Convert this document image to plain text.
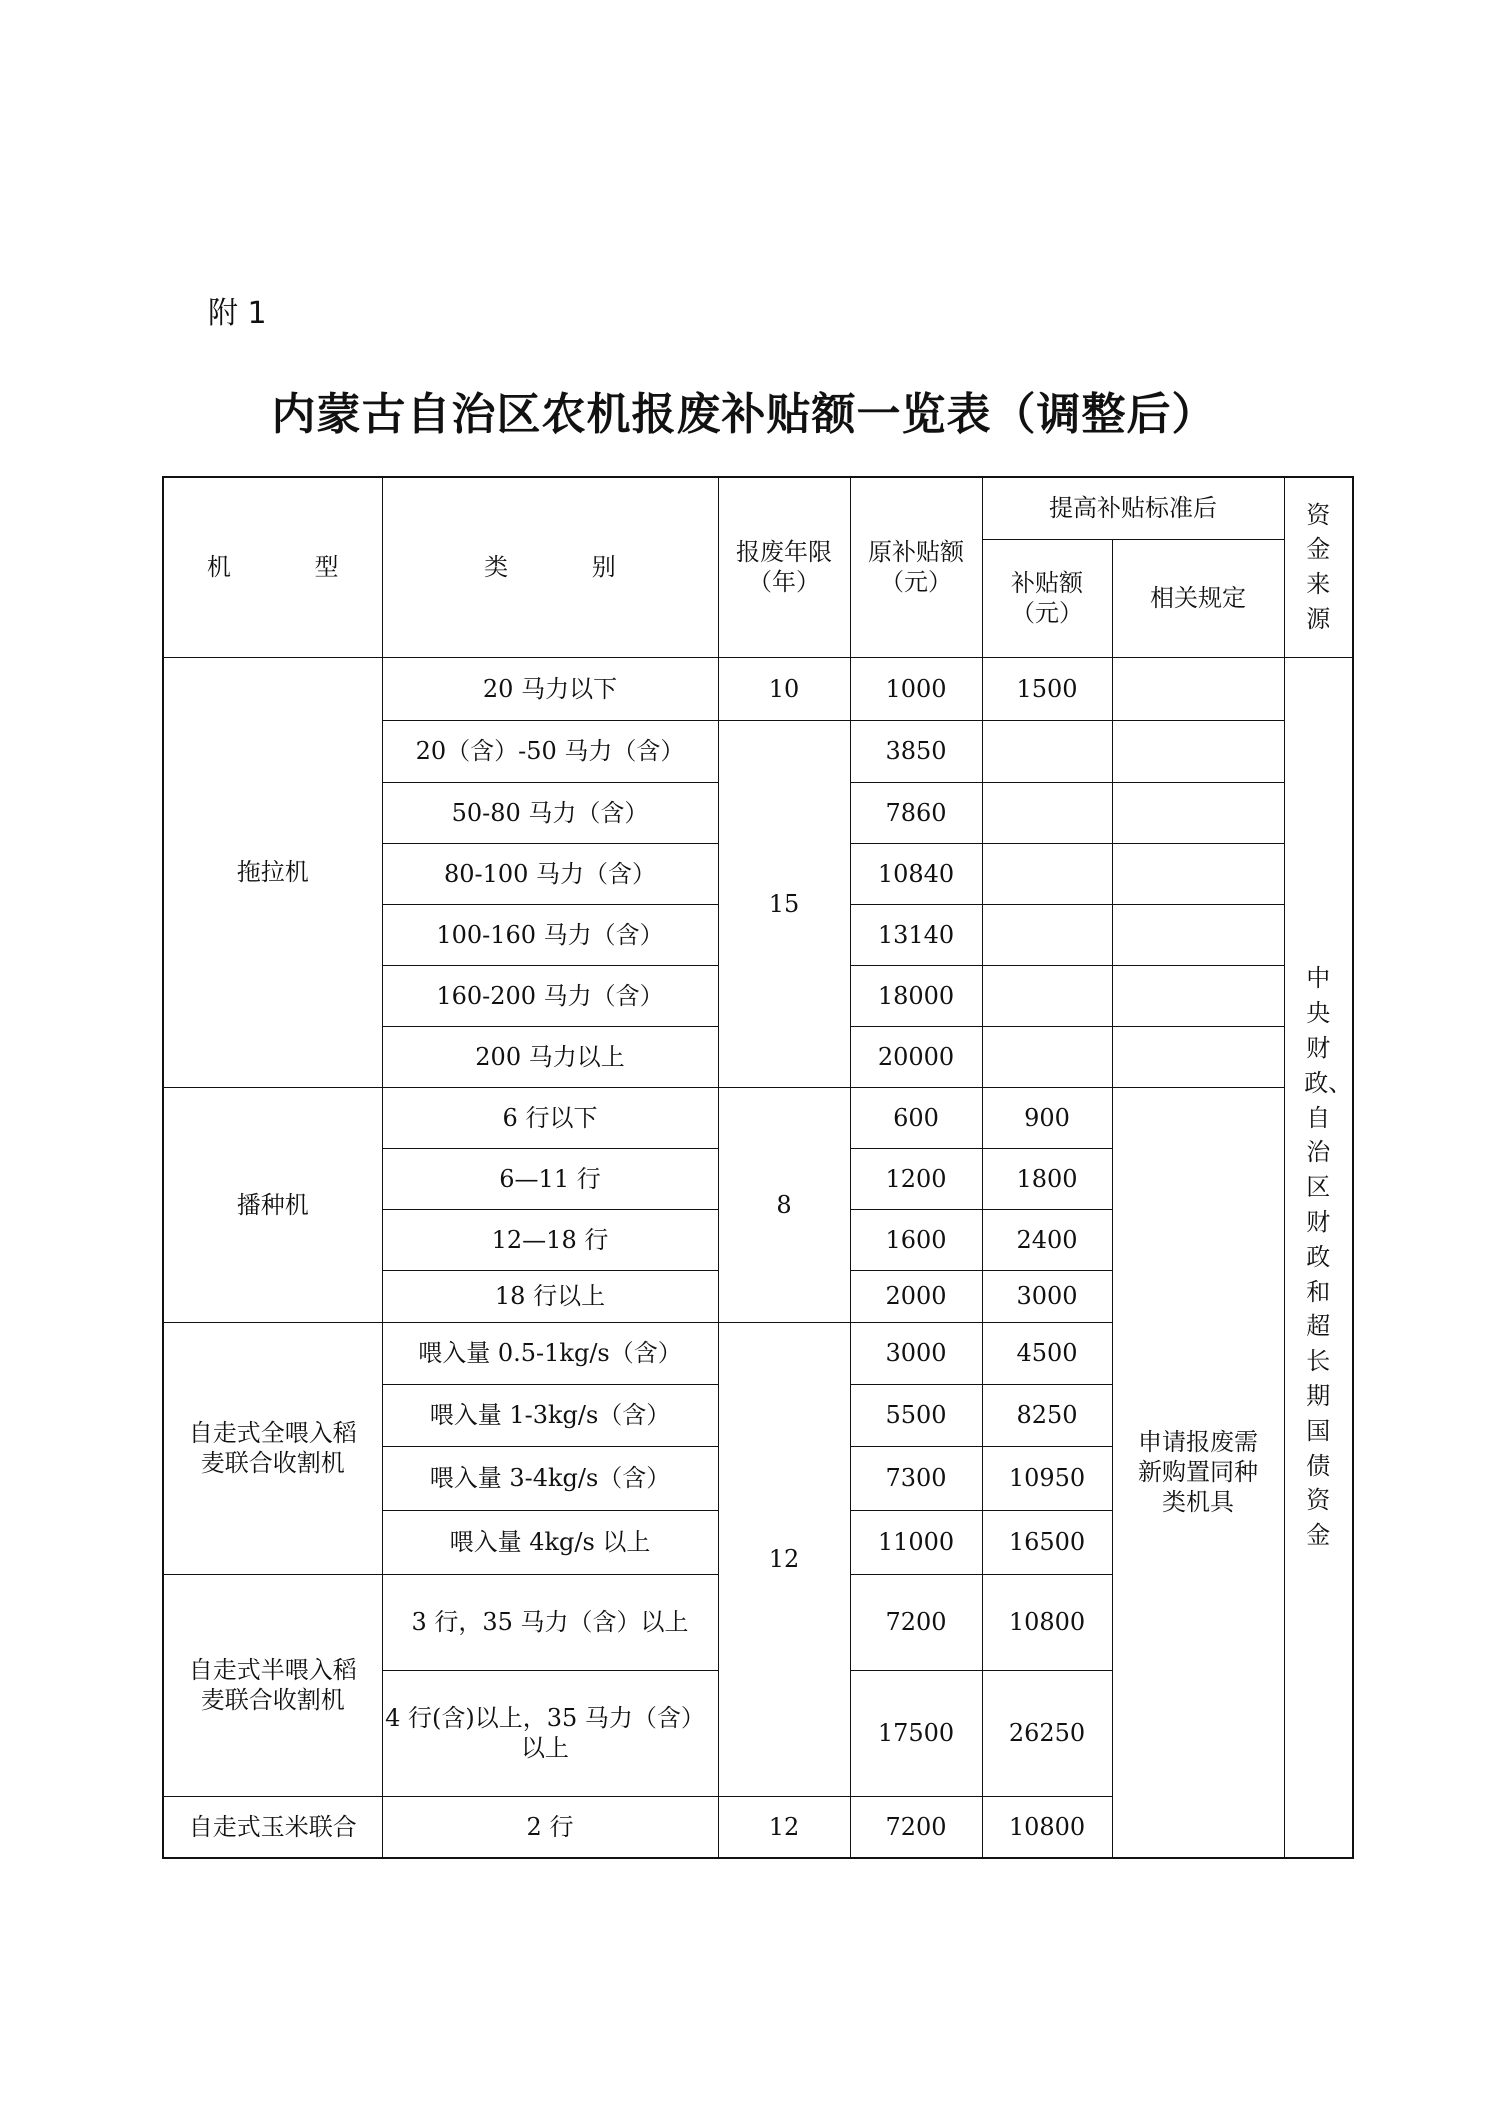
附 1
内蒙古自治区农机报废补贴额一览表（调整后）
机 型	类 别	报废年限（年）	原补贴额（元）	提高补贴标准后		资金来源
				补贴额（元）	相关规定	
拖拉机	20 马力以下	10	1000	1500		中央财政、自治区财政和超长期国债资金
	20（含）-50 马力（含）	15	3850			
	50-80 马力（含）		7860			
	80-100 马力（含）		10840			
	100-160 马力（含）		13140			
	160-200 马力（含）		18000			
	200 马力以上		20000			
播种机	6 行以下	8	600	900	申请报废需新购置同种类机具	
	6—11 行		1200	1800		
	12—18 行		1600	2400		
	18 行以上		2000	3000		
自走式全喂入稻麦联合收割机	喂入量 0.5-1kg/s（含）	12	3000	4500		
	喂入量 1-3kg/s（含）		5500	8250		
	喂入量 3-4kg/s（含）		7300	10950		
	喂入量 4kg/s 以上		11000	16500		
自走式半喂入稻麦联合收割机	3 行，35 马力（含）以上		7200	10800		
	4 行(含)以上，35 马力（含）以上		17500	26250		
自走式玉米联合	2 行	12	7200	10800		
